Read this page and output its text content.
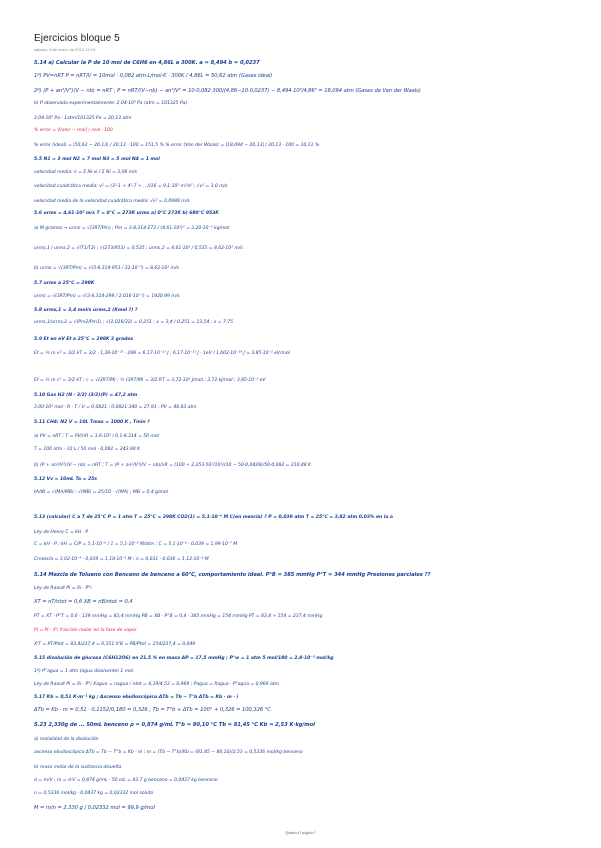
Ejercicios bloque 5
sábado, 8 de enero de 2022 13:18
5.14 a) Calcular la P de 10 mol de C6H6 en 4,86L a 300K. a = 8,494 b = 0,0237
1º) PV=nRT P = nRT/V = 10mol · 0,082 atm·L/mol·K · 300K / 4,86L = 50,62 atm (Gases ideal)
2º) (P + an²/V²)(V − nb) = nRT ; P = nRT/(V−nb) − an²/V² = 10·0,082·300/(4,86−10·0,0237) − 8,494·10²/4,86² = 18,094 atm (Gases de Van der Waals)
b) P observada experimentalmente: 2,04·10³ Pa (atm = 101325 Pa)
2,04·10³ Pa · 1atm/101325 Pa = 20,13 atm
% error = |Valor − real| / real · 100
% error (ideal) = |50,62 − 20,13| / 20,13 · 100 = 151,5 % % error (Van der Waals) = |18,094 − 20,13| / 20,13 · 100 = 10,11 %
5.5 N1 = 3 mol N2 = 7 mol N3 = 5 mol N4 = 1 mol
velocidad media: v̄ = Σ Ni·vi / Σ Ni = 3,06 m/s
velocidad cuadrática media: v² = (3²·1 + 4²·7 + ...)/16 = 9,1·10² m²/s² ; √v² = 3,0 m/s
velocidad media de la velocidad cuadrática media: √v̄² = 0,0988 m/s
5.6 urms = 4,61·10² m/s T = 0°C = 273K urms a) 0°C 273K b) 680°C 953K
a) M gramos → urms = √(3RT/Pm) ; Pm = 3·8,314·273 / (4,61·10²)² = 3,20·10⁻² kg/mol
urms,1 / urms,2 = √(T1/T2) ; √(273/953) = 0,535 ; urms,2 = 4,61·10² / 0,535 = 8,62·10² m/s
b) urms = √(3RT/Pm) = √(3·8,314·953 / 32·10⁻³) = 8,62·10² m/s
5.7 urms a 25°C = 298K
urms = √(3RT/Pm) = √(3·8,314·298 / 2,016·10⁻³) = 1920,99 m/s
5.8 urms,1 = 3,4 mol/s urms,2 (Kmol ?) ?
urms,1/urms,2 = √(Pm2/Pm1) ; √(2,016/32) = 0,251 ; x = 3,4 / 0,251 = 13,54 ; x = 7,75
5.9 Et en eV Et a 25°C = 298K 3 grados
Et = ½ m v² = 3/2 kT = 3/2 · 1,38·10⁻²³ · 298 = 6,17·10⁻²¹ J ; 6,17·10⁻²¹ J · 1eV / 1,602·10⁻¹⁹ J = 3,85·10⁻² eV/mol
Et = ½ m c² = 3/2 kT ; c = √(3RT/M) ; ½ (3RT/M) = 3/2 RT = 3,72·10³ J/mol ; 3,72 kJ/mol ; 3,85·10⁻² eV
5.10 Gas H2 (N · 3/2) (3/2)(P) = 47,2 atm
3,00·10² mol · R · T / V = 0,0821 ; 0,0821·340 = 27,91 ; PV = 46,83 atm
5.11 CH4: N2 V = 10L Tmax = 1000 K , Tmin ?
a) PV = nRT ; T = PV/nR = 1,6·10³ / 0,1·8,314 = 50 mol
T = 100 atm · 10 L / 50 mol · 0,082 = 243,90 K
b) (P + an²/V²)(V − nb) = nRT ; T = (P + an²/V²)(V − nb)/nR = (100 + 2,253·50²/10²)(10 − 50·0,0428)/50·0,082 = 210,48 K
5.12 Vv = 10mL Ta = 25s
tA/tB = √(MA/MB) ; √(MB) = 25/10 · √(MA) ; MB = 0,4 g/mol
5.13 (calcular) C a T de 25°C P = 1 atm T = 25°C = 298K CO2(1) = 5,1·10⁻⁶ M C(en mezcla) ? P = 0,039 atm T = 25°C = 3,82 atm 0,03% en la a
Ley de Henry C = kH · P
C = kH · P ; kH = C/P = 5,1·10⁻⁶ / 1 = 5,1·10⁻⁶ M/atm ; C = 5,1·10⁻⁶ · 0,039 = 1,99·10⁻⁷ M
Cmezcla = 3,02·10⁻⁴ · 0,039 = 1,18·10⁻⁵ M ; n = 0,031 · 0,036 = 1,12·10⁻⁶ M
5.14 Mezcla de Tolueno con Benceno de benceno a 60°C, comportamiento ideal. P°B = 385 mmHg P°T = 344 mmHg Presiones parciales ??
Ley de Raoult Pi = Xi · P°i
XT = nT/ntot = 0,6 XB = nB/ntot = 0,4
PT = XT · P°T = 0,6 · 139 mmHg = 83,4 mmHg PB = XB · P°B = 0,4 · 385 mmHg = 154 mmHg PT = 83,4 + 154 = 237,4 mmHg
Pi = Pi · X'i fracción molar en la fase de vapor
X'T = PT/Ptot = 83,4/237,4 = 0,351 X'B = PB/Ptot = 154/237,4 = 0,649
5.15 disolución de glucosa (C6H12O6) en 21,5 % en masa ΔP = 17,5 mmHg ; P°w = 1 atm 5 mol/180 = 2,8·10⁻² mol/kg
1º) P°agua = 1 atm (agua disolvente) 1 mol
Ley de Raoult Pi = Xi · P°i Xagua = nagua / ntot = 4,39/4,53 = 0,969 ; Pagua = Xagua · P°agua = 0,969 atm
5.17 Kb = 0,51 K·m⁻¹ kg ; Ascenso ebulloscópico ΔTb = Tb − T°b ΔTb = Kb · m · i
ΔTb = Kb · m = 0,51 · 0,1152/0,180 = 0,326 ; Tb = T°b + ΔTb = 100° + 0,326 = 100,326 °C
5.23 2,330g de ... 50mL benceno ρ = 0,874 g/mL T°b = 80,10 °C Tb = 81,45 °C Kb = 2,53 K·kg/mol
a) molalidad de la disolución
ascenso ebulloscópico ΔTb = Tb − T°b = Kb · m ; m = (Tb − T°b)/Kb = (81,45 − 80,10)/2,53 = 0,5336 mol/kg benceno
b) masa molar de la sustancia disuelta
d = m/V ; m = d·V = 0,874 g/mL · 50 mL = 43,7 g benceno = 0,0437 kg benceno
n = 0,5336 mol/kg · 0,0437 kg = 0,02332 mol soluto
M = m/n = 2,330 g / 0,02332 mol = 99,9 g/mol
Química I página 1
